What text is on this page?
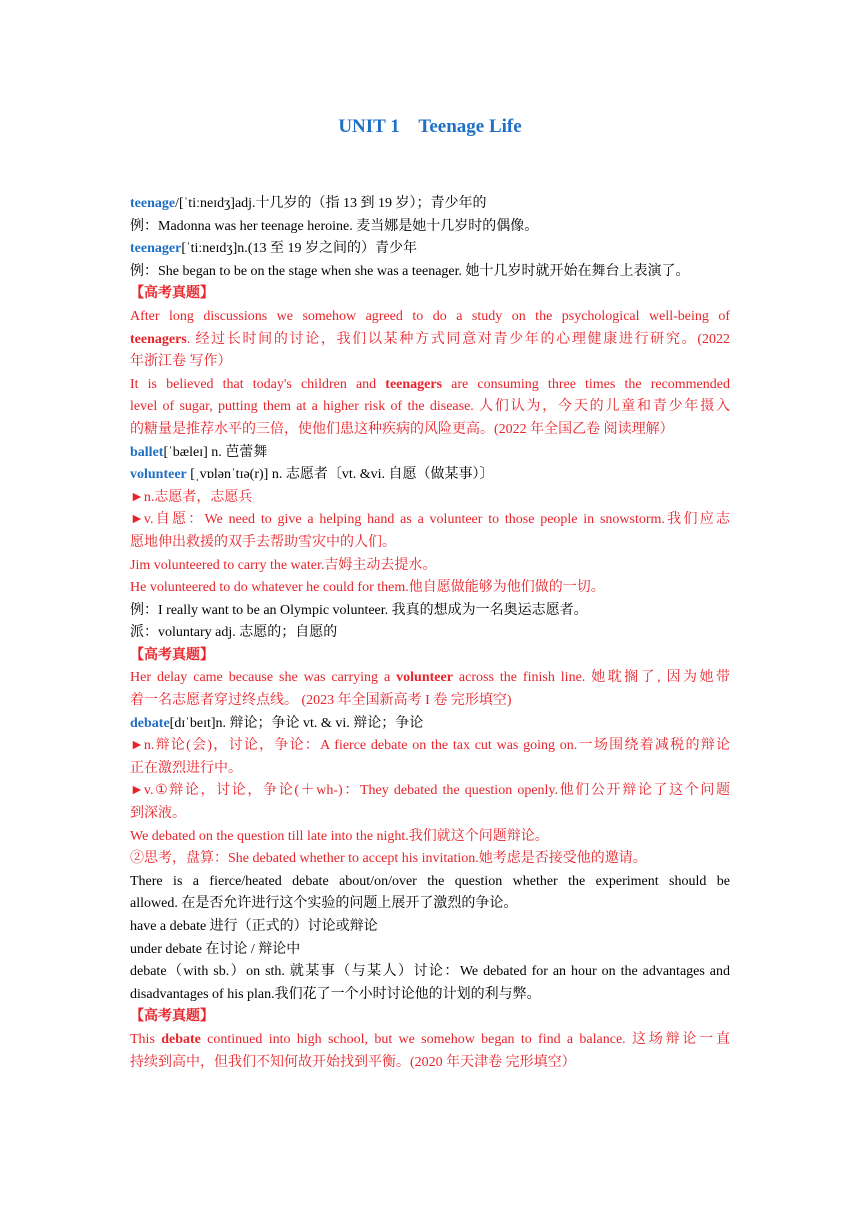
UNIT 1    Teenage Life
teenage/[ˈtiːneɪdʒ]adj.十几岁的（指 13 到 19 岁）；青少年的
例：Madonna was her teenage heroine. 麦当娜是她十几岁时的偶像。
teenager[ˈtiːneɪdʒ]n.(13 至 19 岁之间的）青少年
例：She began to be on the stage when she was a teenager. 她十几岁时就开始在舞台上表演了。
【高考真题】
After long discussions we somehow agreed to do a study on the psychological well-being of
teenagers. 经过长时间的讨论，我们以某种方式同意对青少年的心理健康进行研究。(2022
年浙江卷 写作）
It is believed that today's children and teenagers are consuming three times the recommended
level of sugar, putting them at a higher risk of the disease. 人们认为，今天的儿童和青少年摄入
的糖量是推荐水平的三倍，使他们患这种疾病的风险更高。(2022 年全国乙卷 阅读理解）
ballet[ˈbæleɪ] n. 芭蕾舞
volunteer [ˌvɒlənˈtɪə(r)] n. 志愿者〔vt. &vi. 自愿（做某事）〕
►n.志愿者，志愿兵
►v.自愿：We need to give a helping hand as a volunteer to those people in snowstorm.我们应志
愿地伸出救援的双手去帮助雪灾中的人们。
Jim volunteered to carry the water.吉姆主动去提水。
He volunteered to do whatever he could for them.他自愿做能够为他们做的一切。
例：I really want to be an Olympic volunteer. 我真的想成为一名奥运志愿者。
派：voluntary adj. 志愿的；自愿的
【高考真题】
Her delay came because she was carrying a volunteer across the finish line. 她耽搁了, 因为她带
着一名志愿者穿过终点线。 (2023 年全国新高考 I 卷 完形填空)
debate[dɪˈbeɪt]n. 辩论；争论 vt. & vi. 辩论；争论
►n.辩论(会)，讨论，争论：A fierce debate on the tax cut was going on.一场围绕着减税的辩论
正在激烈进行中。
►v.①辩论，讨论，争论(＋wh-)：They debated the question openly.他们公开辩论了这个问题
到深液。
We debated on the question till late into the night.我们就这个问题辩论。
②思考，盘算：She debated whether to accept his invitation.她考虑是否接受他的邀请。
There is a fierce/heated debate about/on/over the question whether the experiment should be
allowed. 在是否允许进行这个实验的问题上展开了激烈的争论。
have a debate 进行（正式的）讨论或辩论
under debate 在讨论 / 辩论中
debate（with sb.）on sth. 就某事（与某人）讨论：We debated for an hour on the advantages and
disadvantages of his plan.我们花了一个小时讨论他的计划的利与弊。
【高考真题】
This debate continued into high school, but we somehow began to find a balance. 这场辩论一直
持续到高中，但我们不知何故开始找到平衡。(2020 年天津卷 完形填空）
